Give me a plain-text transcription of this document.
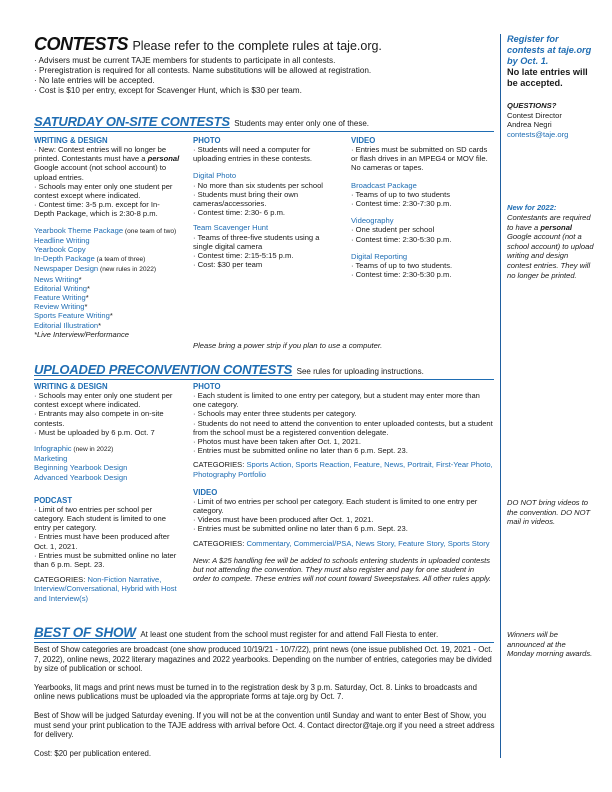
CONTESTS Please refer to the complete rules at taje.org.

· Advisers must be current TAJE members for students to participate in all contests.

· Preregistration is required for all contests. Name substitutions will be allowed at registration.

· No late entries will be accepted.

· Cost is $10 per entry, except for Scavenger Hunt, which is $30 per team.

SATURDAY ON-SITE CONTESTS Students may enter only one of these.
WRITING & DESIGN
· New: Contest entries will no longer be printed. Contestants must have a personal Google account (not school account) to upload entries.

· Schools may enter only one student per contest except where indicated.

· Contest time: 3-5 p.m. except for In-Depth Package, which is 2:30-8 p.m.

Yearbook Theme Package (one team of two)

Headline Writing

Yearbook Copy

In-Depth Package (a team of three)

Newspaper Design (new rules in 2022)

News Writing*

Editorial Writing*

Feature Writing*

Review Writing*

Sports Feature Writing*

Editorial Illustration*

*Live Interview/Performance

PHOTO

· Students will need a computer for uploading entries in these contests.

Digital Photo

· No more than six students per school

· Students must bring their own cameras/accessories.

· Contest time: 2:30- 6 p.m.

Team Scavenger Hunt

· Teams of three-five students using a single digital camera

· Contest time: 2:15-5:15 p.m.

· Cost: $30 per team

VIDEO

· Entries must be submitted on SD cards or flash drives in an MPEG4 or MOV file. No cameras or tapes.

Broadcast Package

· Teams of up to two students

· Contest time: 2:30-7:30 p.m.

Videography

· One student per school

· Contest time: 2:30-5:30 p.m.

Digital Reporting

· Teams of up to two students.

· Contest time: 2:30-5:30 p.m.

Please bring a power strip if you plan to use a computer.

UPLOADED PRECONVENTION CONTESTS See rules for uploading instructions.
WRITING & DESIGN

· Schools may enter only one student per contest except where indicated.

· Entrants may also compete in on-site contests.

· Must be uploaded by 6 p.m. Oct. 7

Infographic (new in 2022)

Marketing

Beginning Yearbook Design

Advanced Yearbook Design

PODCAST

· Limit of two entries per school per category. Each student is limited to one entry per category.

· Entries must have been produced after Oct. 1, 2021.

· Entries must be submitted online no later than 6 p.m. Sept. 23.

CATEGORIES: Non-Fiction Narrative, Interview/Conversational, Hybrid with Host and Interview(s)

PHOTO

· Each student is limited to one entry per category, but a student may enter more than one category.

· Schools may enter three students per category.

· Students do not need to attend the convention to enter uploaded contests, but a student from the school must be a registered convention delegate.

· Photos must have been taken after Oct. 1, 2021.

· Entries must be submitted online no later than 6 p.m. Sept. 23.

CATEGORIES: Sports Action, Sports Reaction, Feature, News, Portrait, First-Year Photo, Photography Portfolio

VIDEO

· Limit of two entries per school per category. Each student is limited to one entry per category.

· Videos must have been produced after Oct. 1, 2021.

· Entries must be submitted online no later than 6 p.m. Sept. 23.

CATEGORIES: Commentary, Commercial/PSA, News Story, Feature Story, Sports Story

New: A $25 handling fee will be added to schools entering students in uploaded contests but not attending the convention. They must also register and pay for one student in order to compete. These entries will not count toward Sweepstakes. All other rules apply.

BEST OF SHOW At least one student from the school must register for and attend Fall Fiesta to enter.

Best of Show categories are broadcast (one show produced 10/19/21 - 10/7/22), print news (one issue published Oct. 19, 2021 - Oct. 7, 2022), online news, 2022 literary magazines and 2022 yearbooks. Depending on the number of entries, categories may be divided by size of publication or school.

Yearbooks, lit mags and print news must be turned in to the registration desk by 3 p.m. Saturday, Oct. 8. Links to broadcasts and online news publications must be uploaded via the appropriate forms at taje.org by Oct. 7.

Best of Show will be judged Saturday evening. If you will not be at the convention until Sunday and want to enter Best of Show, you must send your print publication to the TAJE address with arrival before Oct. 4. Contact director@taje.org if you need a street address for delivery.

Cost: $20 per publication entered.

Register for contests at taje.org by Oct. 1.

No late entries will be accepted.

QUESTIONS?

Contest Director

Andrea Negri

contests@taje.org

New for 2022:

Contestants are required to have a personal Google account (not a school account) to upload writing and design contest entries. They will no longer be printed.

DO NOT bring videos to the convention. DO NOT mail in videos.

Winners will be announced at the Monday morning awards.
